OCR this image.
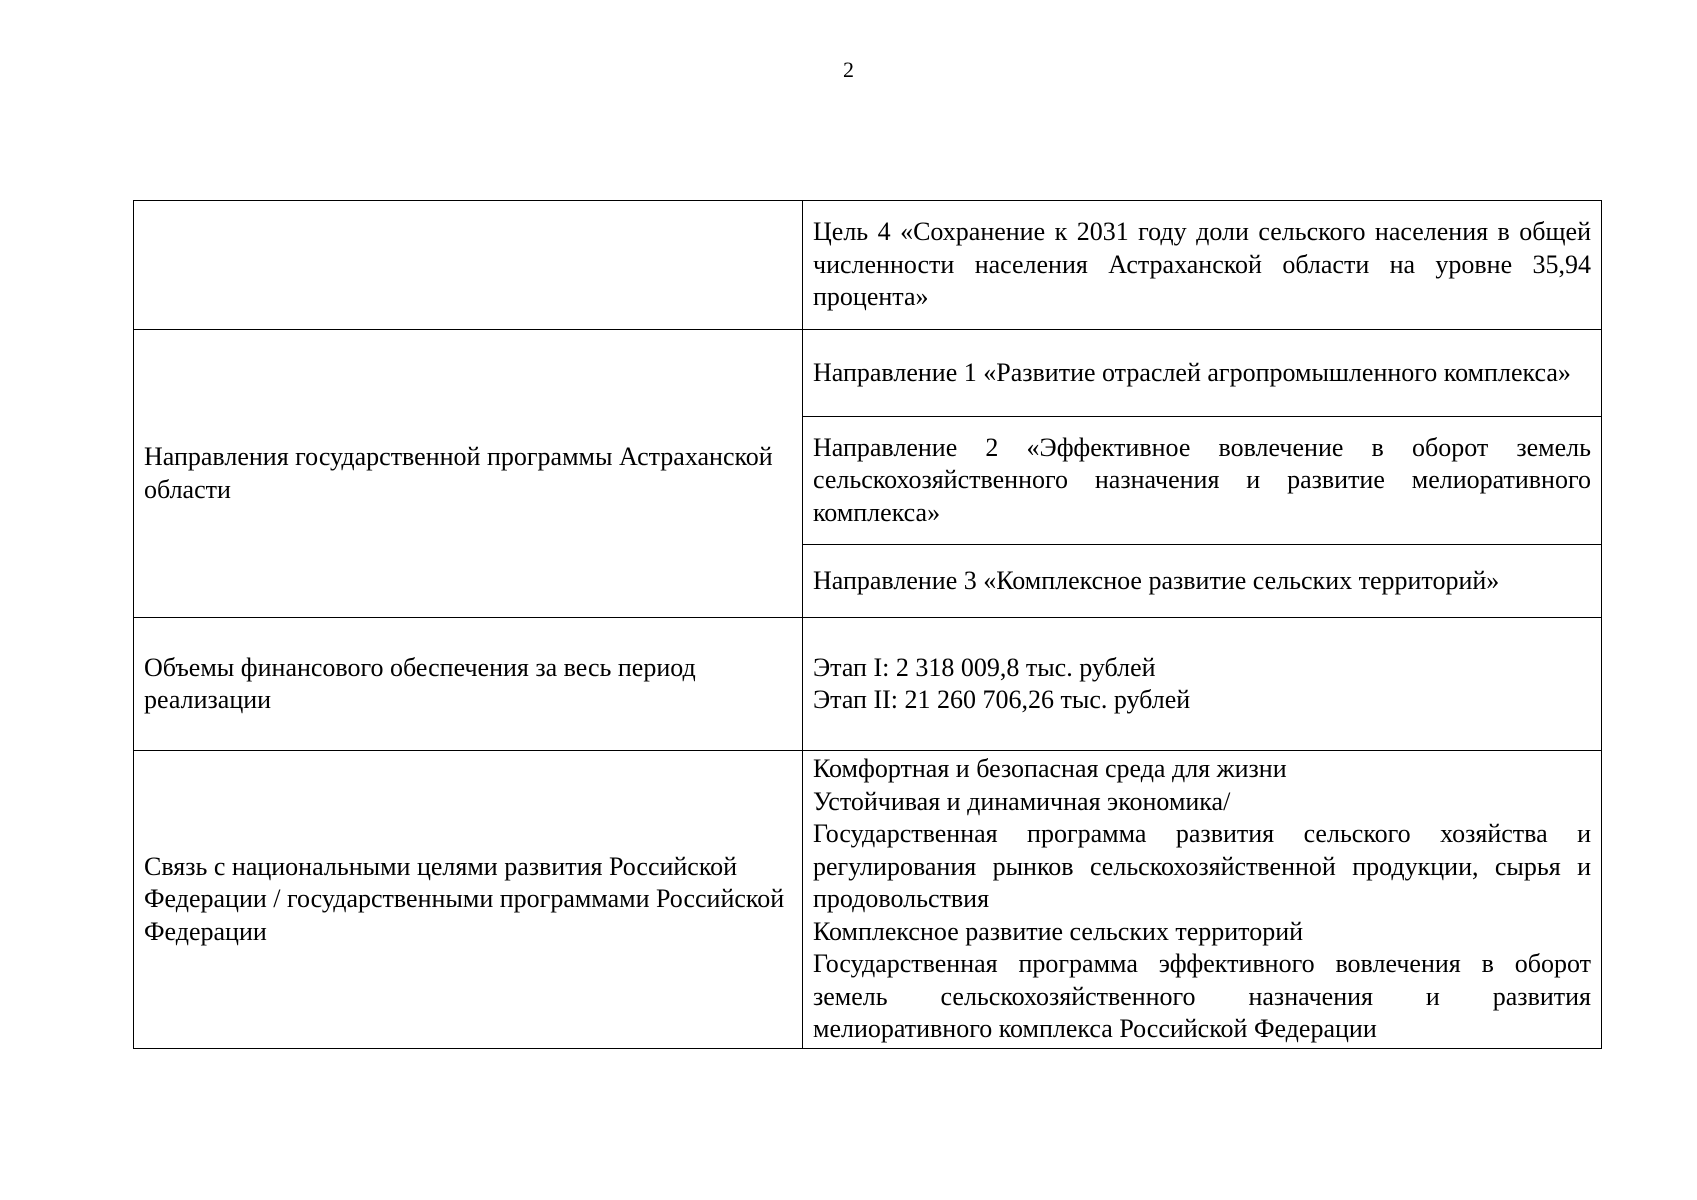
2
	Цель 4 «Сохранение к 2031 году доли сельского населения в общей численности населения Астраханской области на уровне 35,94 процента»
Направления государственной программы Астраханской области	Направление 1 «Развитие отраслей агропромышленного комплекса»
	Направление 2 «Эффективное вовлечение в оборот земель сельскохозяйственного назначения и развитие мелиоративного комплекса»
	Направление 3 «Комплексное развитие сельских территорий»
Объемы финансового обеспечения за весь период реализации	Этап I: 2 318 009,8 тыс. рублей
Этап II: 21 260 706,26 тыс. рублей

Связь с национальными целями развития Российской Федерации / государственными программами Российской Федерации	Комфортная и безопасная среда для жизни
Устойчивая и динамичная экономика/
Государственная программа развития сельского хозяйства и регулирования рынков сельскохозяйственной продукции, сырья и продовольствия
Комплексное развитие сельских территорий
Государственная программа эффективного вовлечения в оборот земель сельскохозяйственного назначения и развития мелиоративного комплекса Российской Федерации
